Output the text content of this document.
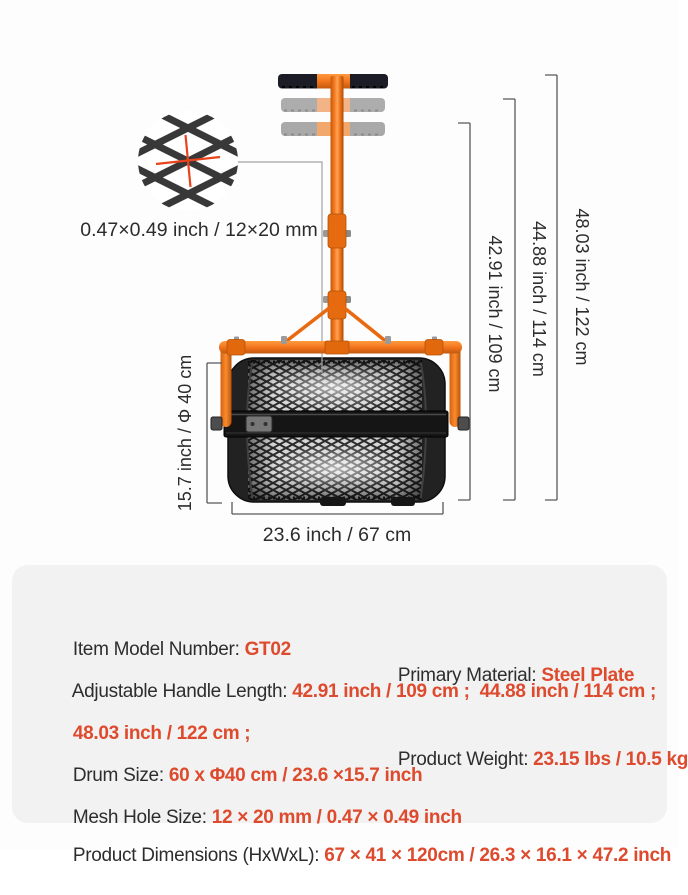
42.91 inch / 109 cm 44.88 inch / 114 cm 48.03 inch / 122 cm
15.7 inch / Φ 40 cm
23.6 inch / 67 cm
0.47×0.49 inch / 12×20 mm

Item Model Number: GT02

Primary Material: Steel Plate

Adjustable Handle Length: 42.91 inch / 109 cm ;  44.88 inch / 114 cm ;

48.03 inch / 122 cm ;

Product Weight: 23.15 lbs / 10.5 kg

Drum Size: 60 x Φ40 cm / 23.6 ×15.7 inch

Mesh Hole Size: 12 × 20 mm / 0.47 × 0.49 inch

Product Dimensions (HxWxL): 67 × 41 × 120cm / 26.3 × 16.1 × 47.2 inch
